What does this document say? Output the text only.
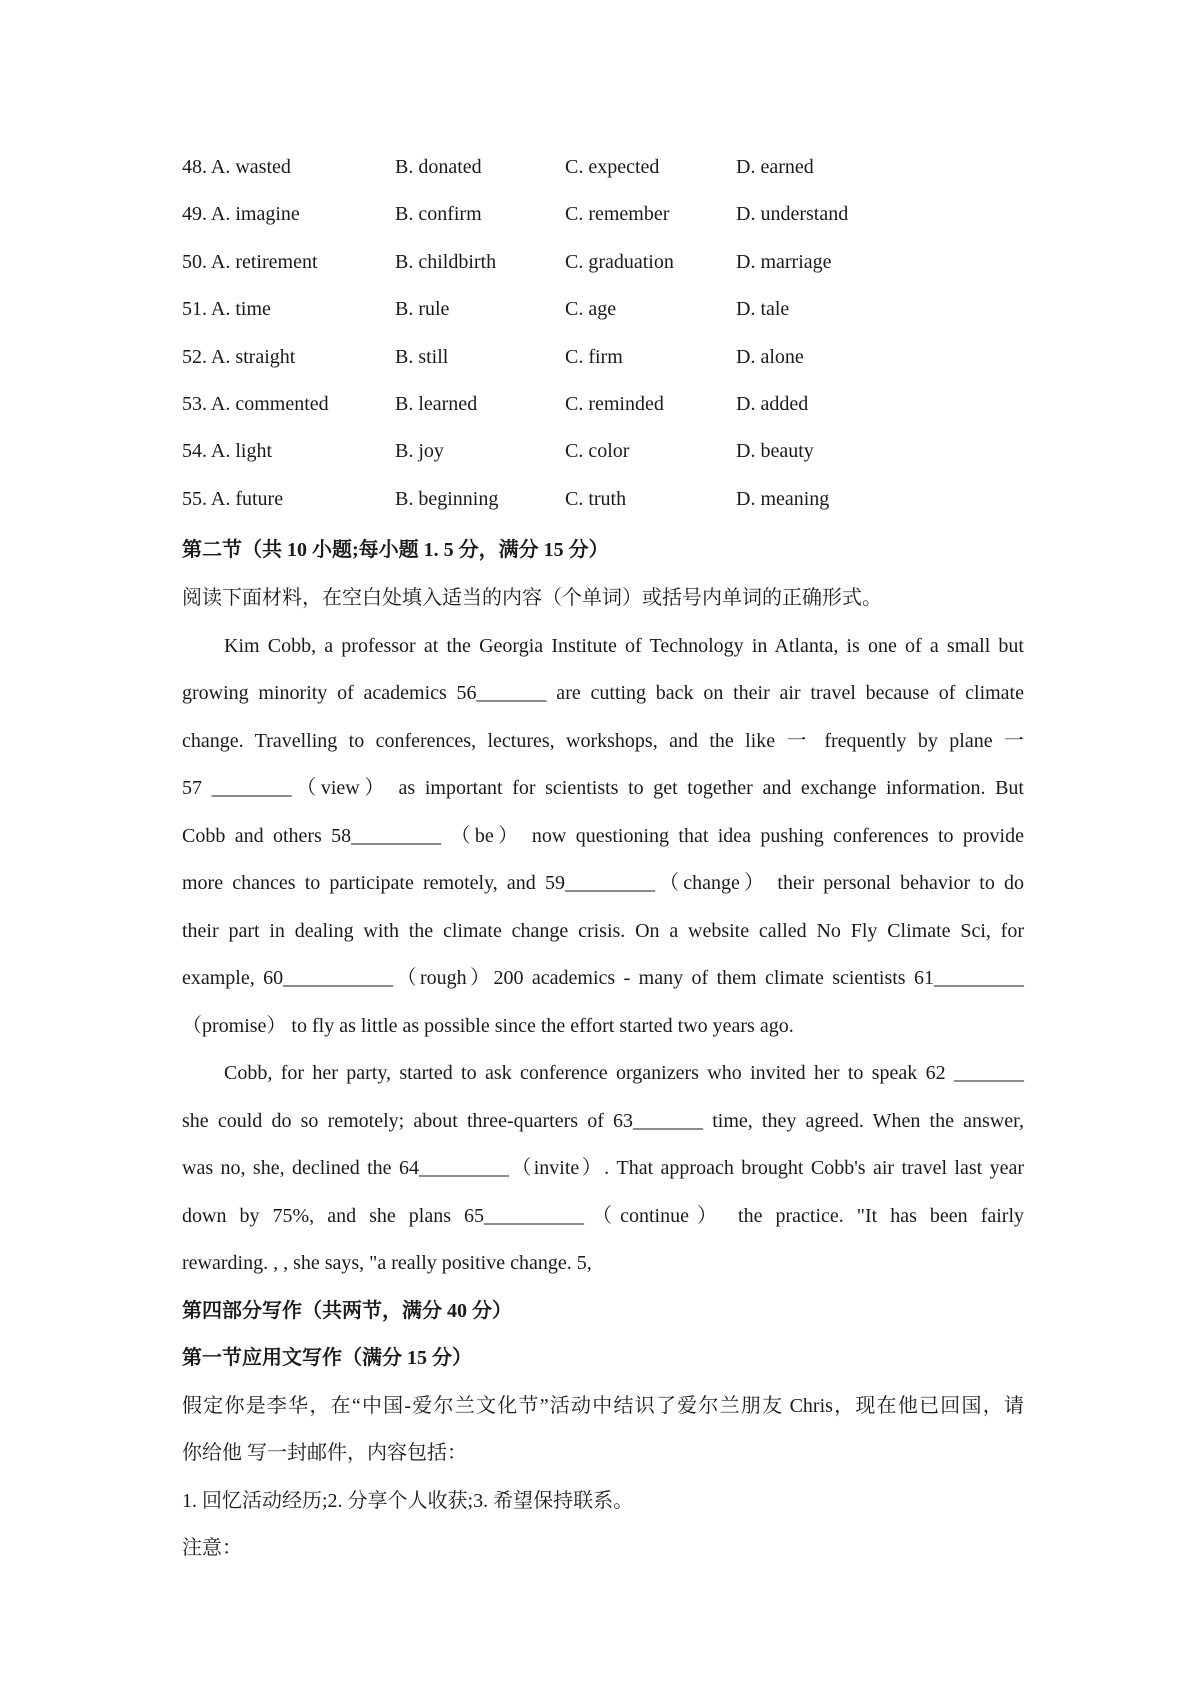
48. A. wasted	B. donated	C. expected	D. earned
49. A. imagine	B. confirm	C. remember	D. understand
50. A. retirement	B. childbirth	C. graduation	D. marriage
51. A. time	B. rule	C. age	D. tale
52. A. straight	B. still	C. firm	D. alone
53. A. commented	B. learned	C. reminded	D. added
54. A. light	B. joy	C. color	D. beauty
55. A. future	B. beginning	C. truth	D. meaning
第二节（共 10 小题;每小题 1. 5 分，满分 15 分）
阅读下面材料，在空白处填入适当的内容（个单词）或括号内单词的正确形式。
Kim Cobb, a professor at the Georgia Institute of Technology in Atlanta, is one of a small but
growing minority of academics 56_______ are cutting back on their air travel because of climate
change. Travelling to conferences, lectures, workshops, and the like 一 frequently by plane 一
57 ________（view） as important for scientists to get together and exchange information. But
Cobb and others 58_________ （be） now questioning that idea pushing conferences to provide
more chances to participate remotely, and 59_________（change） their personal behavior to do
their part in dealing with the climate change crisis. On a website called No Fly Climate Sci, for
example, 60___________（rough）200 academics - many of them climate scientists 61_________
（promise） to fly as little as possible since the effort started two years ago.
Cobb, for her party, started to ask conference organizers who invited her to speak 62 _______
she could do so remotely; about three-quarters of 63_______ time, they agreed. When the answer,
was no, she, declined the 64_________（invite）. That approach brought Cobb's air travel last year
down by 75%, and she plans 65__________（continue） the practice. "It has been fairly
rewarding. , , she says, "a really positive change. 5,
第四部分写作（共两节，满分 40 分）
第一节应用文写作（满分 15 分）
假定你是李华，在“中国-爱尔兰文化节”活动中结识了爱尔兰朋友 Chris，现在他已回国，请
你给他 写一封邮件，内容包括：
1. 回忆活动经历;2. 分享个人收获;3. 希望保持联系。
注意：
